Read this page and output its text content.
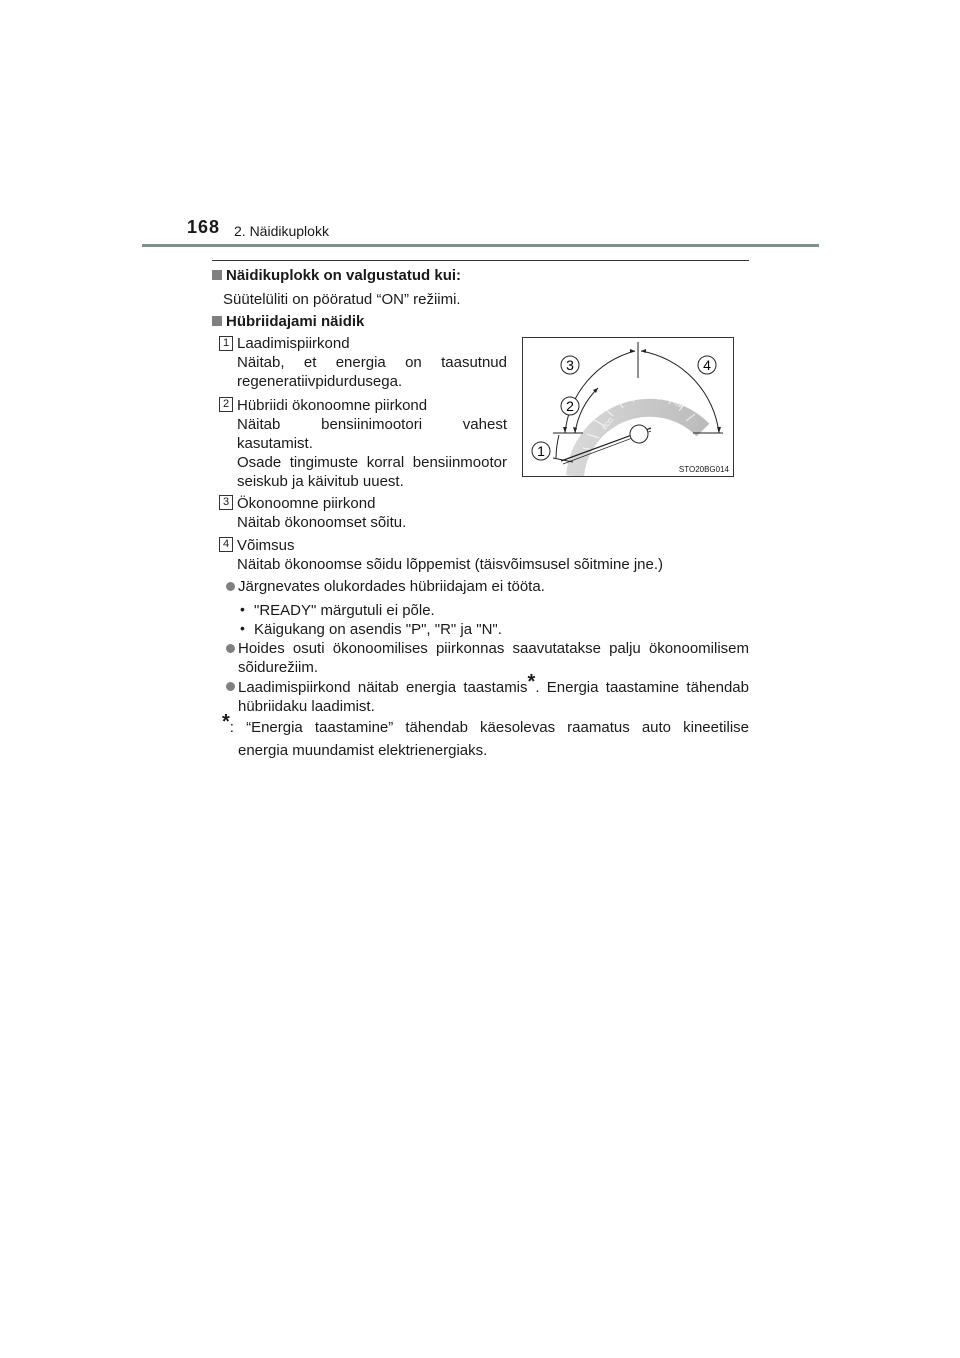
168 2. Näidikuplokk
Näidikuplokk on valgustatud kui:
Süütelüliti on pööratud “ON” režiimi.
Hübriidajami näidik
1 Laadimispiirkond
Näitab, et energia on taasutnud
regeneratiivpidurdusega.
2 Hübriidi ökonoomne piirkond
Näitab bensiinimootori vahest
kasutamist.
Osade tingimuste korral bensiinmootor
seiskub ja käivitub uuest.
3 Ökonoomne piirkond
Näitab ökonoomset sõitu.
4 Võimsus
Näitab ökonoomse sõidu lõppemist (täisvõimsusel sõitmine jne.)
CHG
ECO
POWER
1
2
3	4
STO20BG014
Järgnevates olukordades hübriidajam ei tööta.
• "READY" märgutuli ei põle.
• Käigukang on asendis "P", "R" ja "N".
Hoides osuti ökonoomilises piirkonnas saavutatakse palju ökonoomilisem
sõidurežiim.
Laadimispiirkond näitab energia taastamis*. Energia taastamine tähendab
hübriidaku laadimist.
*: “Energia taastamine” tähendab käesolevas raamatus auto kineetilise
energia muundamist elektrienergiaks.
